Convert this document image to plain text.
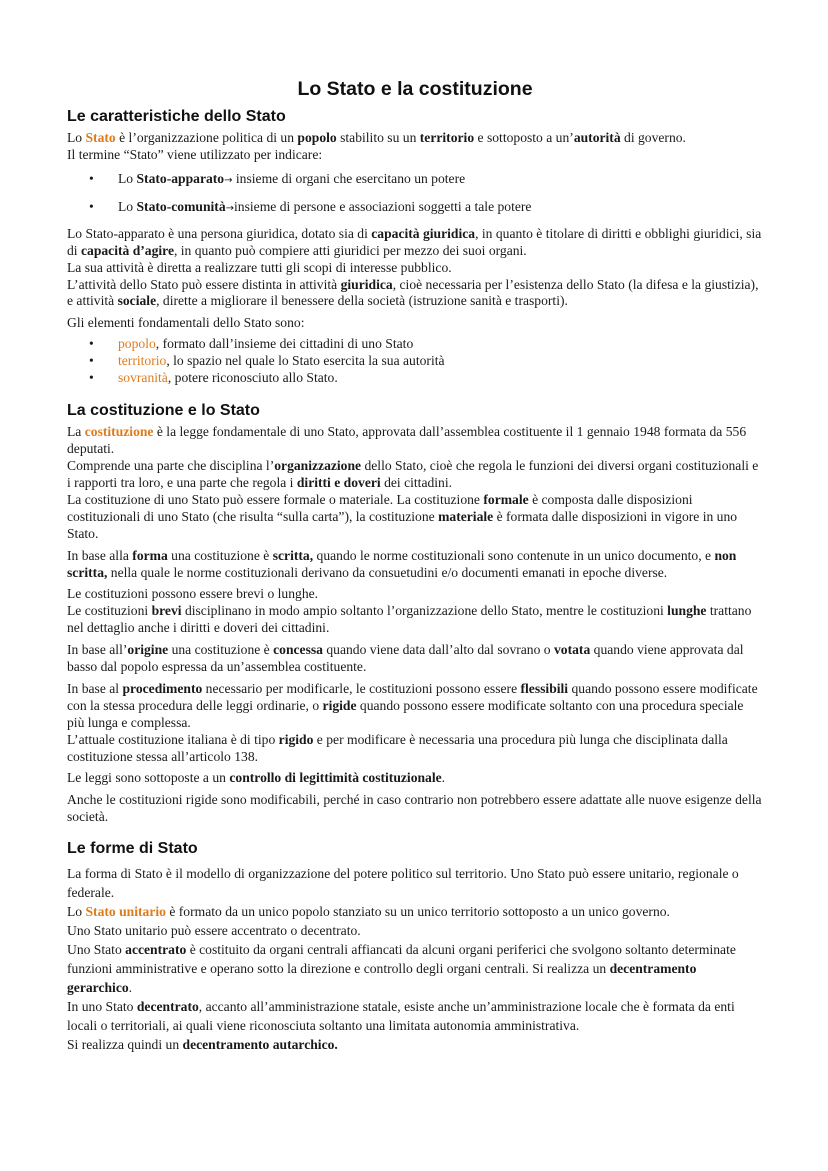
Lo Stato e la costituzione
Le caratteristiche dello Stato

Lo Stato è l’organizzazione politica di un popolo stabilito su un territorio e sottoposto a un’autorità di governo.

Il termine “Stato” viene utilizzato per indicare:

• Lo Stato-apparato→ insieme di organi che esercitano un potere
• Lo Stato-comunità→insieme di persone e associazioni soggetti a tale potere

Lo Stato-apparato è una persona giuridica, dotato sia di capacità giuridica, in quanto è titolare di diritti e obblighi giuridici, sia di capacità d’agire, in quanto può compiere atti giuridici per mezzo dei suoi organi.

La sua attività è diretta a realizzare tutti gli scopi di interesse pubblico.

L’attività dello Stato può essere distinta in attività giuridica, cioè necessaria per l’esistenza dello Stato (la difesa e la giustizia), e attività sociale, dirette a migliorare il benessere della società (istruzione sanità e trasporti).

Gli elementi fondamentali dello Stato sono:

• popolo, formato dall’insieme dei cittadini di uno Stato
• territorio, lo spazio nel quale lo Stato esercita la sua autorità
• sovranità, potere riconosciuto allo Stato.
La costituzione e lo Stato

La costituzione è la legge fondamentale di uno Stato, approvata dall’assemblea costituente il 1 gennaio 1948 formata da 556 deputati.

Comprende una parte che disciplina l’organizzazione dello Stato, cioè che regola le funzioni dei diversi organi costituzionali e i rapporti tra loro, e una parte che regola i diritti e doveri dei cittadini.

La costituzione di uno Stato può essere formale o materiale. La costituzione formale è composta dalle disposizioni costituzionali di uno Stato (che risulta “sulla carta”), la costituzione materiale è formata dalle disposizioni in vigore in uno Stato.

In base alla forma una costituzione è scritta, quando le norme costituzionali sono contenute in un unico documento, e non scritta, nella quale le norme costituzionali derivano da consuetudini e/o documenti emanati in epoche diverse.

Le costituzioni possono essere brevi o lunghe.

Le costituzioni brevi disciplinano in modo ampio soltanto l’organizzazione dello Stato, mentre le costituzioni lunghe trattano nel dettaglio anche i diritti e doveri dei cittadini.

In base all’origine una costituzione è concessa quando viene data dall’alto dal sovrano o votata quando viene approvata dal basso dal popolo espressa da un’assemblea costituente.

In base al procedimento necessario per modificarle, le costituzioni possono essere flessibili quando possono essere modificate con la stessa procedura delle leggi ordinarie, o rigide quando possono essere modificate soltanto con una procedura speciale più lunga e complessa.

L’attuale costituzione italiana è di tipo rigido e per modificare è necessaria una procedura più lunga che disciplinata dalla costituzione stessa all’articolo 138.

Le leggi sono sottoposte a un controllo di legittimità costituzionale.

Anche le costituzioni rigide sono modificabili, perché in caso contrario non potrebbero essere adattate alle nuove esigenze della società.

Le forme di Stato

La forma di Stato è il modello di organizzazione del potere politico sul territorio. Uno Stato può essere unitario, regionale o federale.

Lo Stato unitario è formato da un unico popolo stanziato su un unico territorio sottoposto a un unico governo.

Uno Stato unitario può essere accentrato o decentrato.

Uno Stato accentrato è costituito da organi centrali affiancati da alcuni organi periferici che svolgono soltanto determinate funzioni amministrative e operano sotto la direzione e controllo degli organi centrali. Si realizza un decentramento gerarchico.

In uno Stato decentrato, accanto all’amministrazione statale, esiste anche un’amministrazione locale che è formata da enti locali o territoriali, ai quali viene riconosciuta soltanto una limitata autonomia amministrativa.

Si realizza quindi un decentramento autarchico.
